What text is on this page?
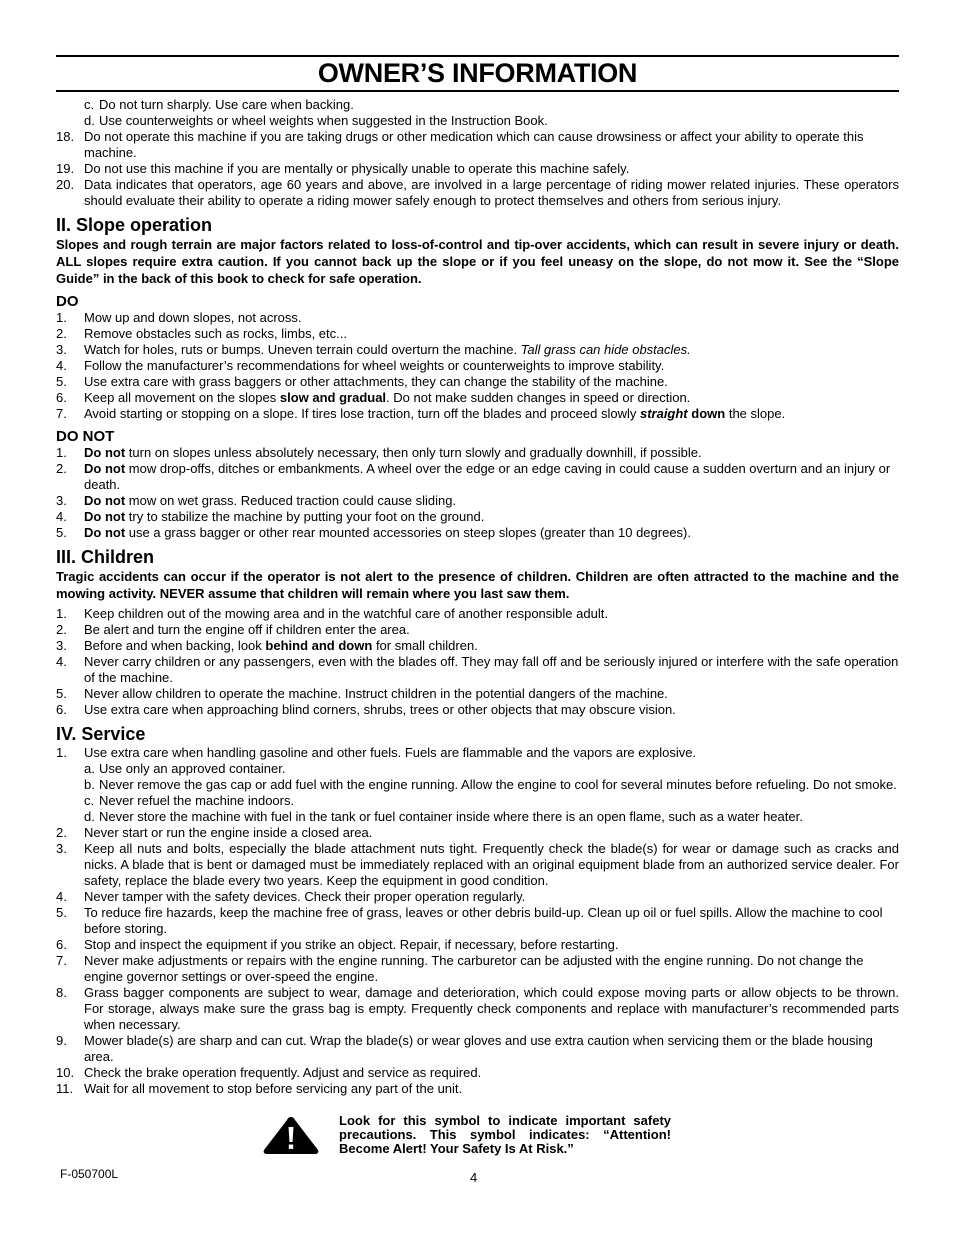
OWNER’S INFORMATION
c. Do not turn sharply. Use care when backing.
d. Use counterweights or wheel weights when suggested in the Instruction Book.
18. Do not operate this machine if you are taking drugs or other medication which can cause drowsiness or affect your ability to operate this machine.
19. Do not use this machine if you are mentally or physically unable to operate this machine safely.
20. Data indicates that operators, age 60 years and above, are involved in a large percentage of riding mower related injuries. These operators should evaluate their ability to operate a riding mower safely enough to protect themselves and others from serious injury.
II. Slope operation
Slopes and rough terrain are major factors related to loss-of-control and tip-over accidents, which can result in severe injury or death. ALL slopes require extra caution. If you cannot back up the slope or if you feel uneasy on the slope, do not mow it. See the “Slope Guide” in the back of this book to check for safe operation.
DO
1. Mow up and down slopes, not across.
2. Remove obstacles such as rocks, limbs, etc...
3. Watch for holes, ruts or bumps. Uneven terrain could overturn the machine. Tall grass can hide obstacles.
4. Follow the manufacturer’s recommendations for wheel weights or counterweights to improve stability.
5. Use extra care with grass baggers or other attachments, they can change the stability of the machine.
6. Keep all movement on the slopes slow and gradual. Do not make sudden changes in speed or direction.
7. Avoid starting or stopping on a slope. If tires lose traction, turn off the blades and proceed slowly straight down the slope.
DO NOT
1. Do not turn on slopes unless absolutely necessary, then only turn slowly and gradually downhill, if possible.
2. Do not mow drop-offs, ditches or embankments. A wheel over the edge or an edge caving in could cause a sudden overturn and an injury or death.
3. Do not mow on wet grass. Reduced traction could cause sliding.
4. Do not try to stabilize the machine by putting your foot on the ground.
5. Do not use a grass bagger or other rear mounted accessories on steep slopes (greater than 10 degrees).
III. Children
Tragic accidents can occur if the operator is not alert to the presence of children. Children are often attracted to the machine and the mowing activity. NEVER assume that children will remain where you last saw them.
1. Keep children out of the mowing area and in the watchful care of another responsible adult.
2. Be alert and turn the engine off if children enter the area.
3. Before and when backing, look behind and down for small children.
4. Never carry children or any passengers, even with the blades off. They may fall off and be seriously injured or interfere with the safe operation of the machine.
5. Never allow children to operate the machine. Instruct children in the potential dangers of the machine.
6. Use extra care when approaching blind corners, shrubs, trees or other objects that may obscure vision.
IV. Service
1. Use extra care when handling gasoline and other fuels. Fuels are flammable and the vapors are explosive.
a. Use only an approved container.
b. Never remove the gas cap or add fuel with the engine running. Allow the engine to cool for several minutes before refueling. Do not smoke.
c. Never refuel the machine indoors.
d. Never store the machine with fuel in the tank or fuel container inside where there is an open flame, such as a water heater.
2. Never start or run the engine inside a closed area.
3. Keep all nuts and bolts, especially the blade attachment nuts tight. Frequently check the blade(s) for wear or damage such as cracks and nicks. A blade that is bent or damaged must be immediately replaced with an original equipment blade from an authorized service dealer. For safety, replace the blade every two years. Keep the equipment in good condition.
4. Never tamper with the safety devices. Check their proper operation regularly.
5. To reduce fire hazards, keep the machine free of grass, leaves or other debris build-up. Clean up oil or fuel spills. Allow the machine to cool before storing.
6. Stop and inspect the equipment if you strike an object. Repair, if necessary, before restarting.
7. Never make adjustments or repairs with the engine running. The carburetor can be adjusted with the engine running. Do not change the engine governor settings or over-speed the engine.
8. Grass bagger components are subject to wear, damage and deterioration, which could expose moving parts or allow objects to be thrown. For storage, always make sure the grass bag is empty. Frequently check components and replace with manufacturer’s recommended parts when necessary.
9. Mower blade(s) are sharp and can cut. Wrap the blade(s) or wear gloves and use extra caution when servicing them or the blade housing area.
10. Check the brake operation frequently. Adjust and service as required.
11. Wait for all movement to stop before servicing any part of the unit.
Look for this symbol to indicate important safety precautions. This symbol indicates: “Attention! Become Alert! Your Safety Is At Risk.”
F-050700L	4
